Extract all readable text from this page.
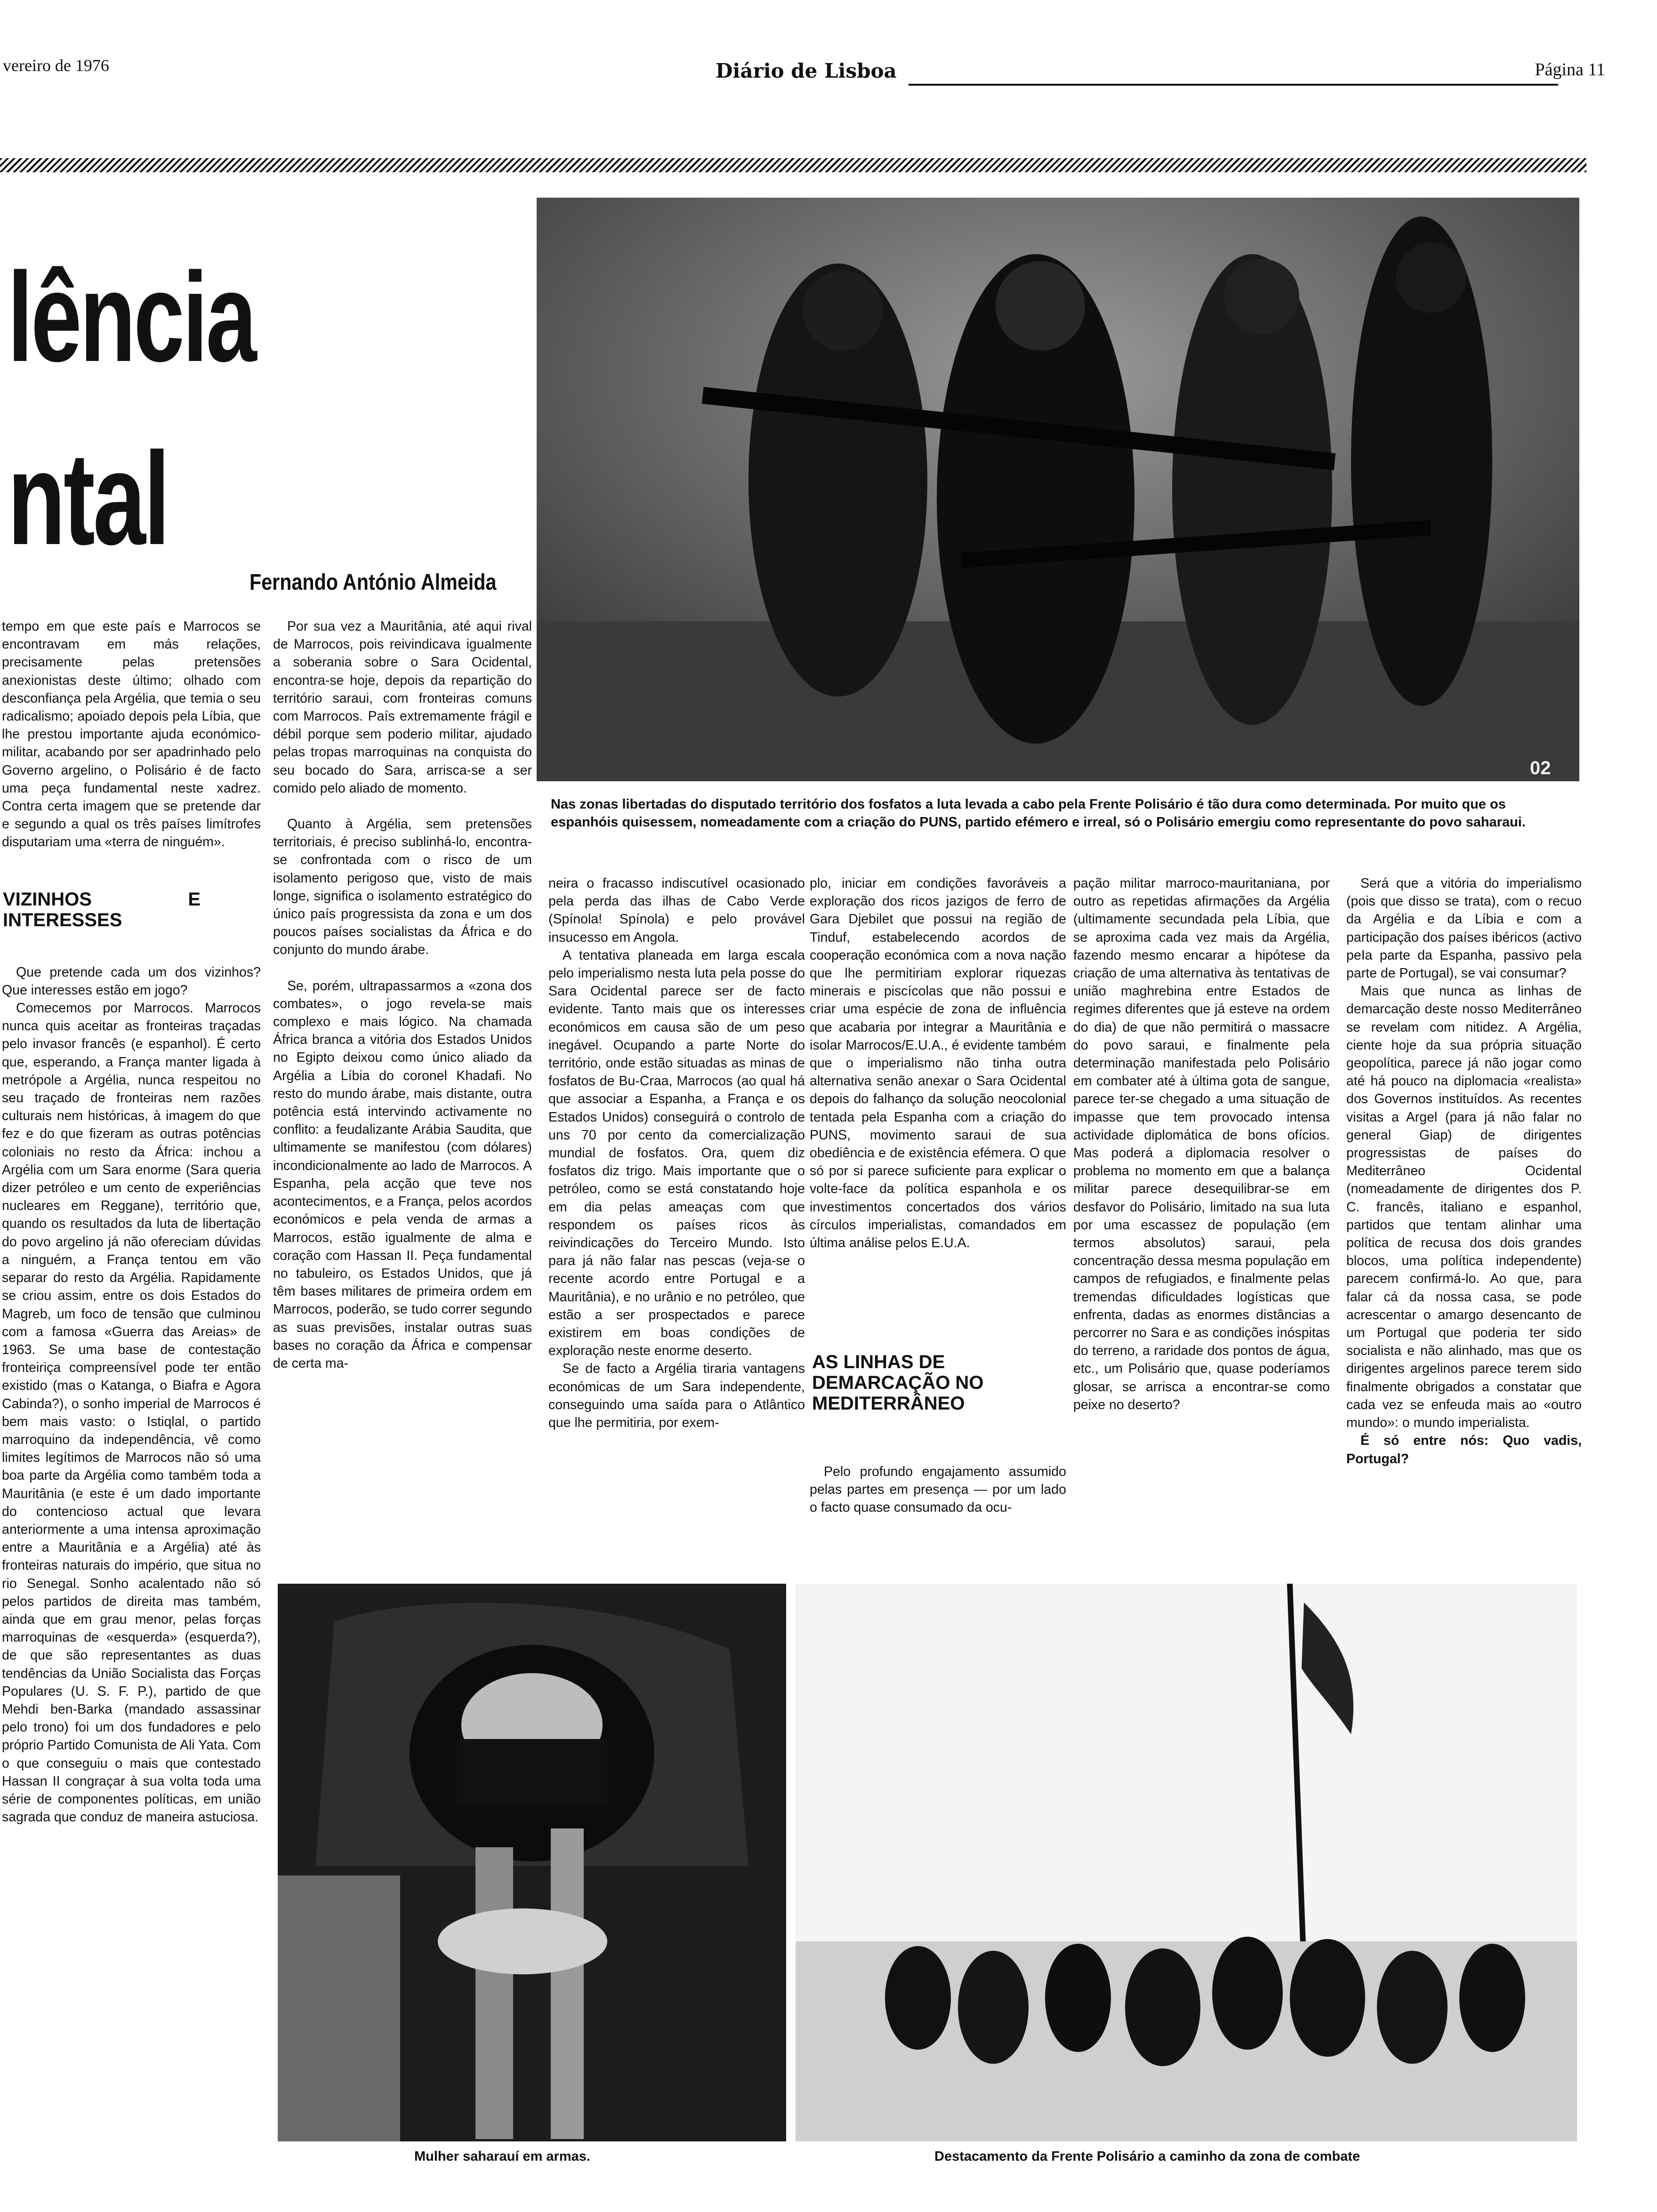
vereiro de 1976	Diário de Lisboa	Página 11
lência
ntal
Fernando António Almeida

tempo em que este país e Marrocos se encontravam em más relações, precisamente pelas pretensões anexionistas deste último; olhado com desconfiança pela Argélia, que temia o seu radicalismo; apoiado depois pela Líbia, que lhe prestou importante ajuda económico-militar, acabando por ser apadrinhado pelo Governo argelino, o Polisário é de facto uma peça fundamental neste xadrez. Contra certa imagem que se pretende dar e segundo a qual os três países limítrofes disputariam uma «terra de ninguém».

VIZINHOS E INTERESSES

Que pretende cada um dos vizinhos? Que interesses estão em jogo?

Comecemos por Marrocos. Marrocos nunca quis aceitar as fronteiras traçadas pelo invasor francês (e espanhol). É certo que, esperando, a França manter ligada à metrópole a Argélia, nunca respeitou no seu traçado de fronteiras nem razões culturais nem históricas, à imagem do que fez e do que fizeram as outras potências coloniais no resto da África: inchou a Argélia com um Sara enorme (Sara queria dizer petróleo e um cento de experiências nucleares em Reggane), território que, quando os resultados da luta de libertação do povo argelino já não ofereciam dúvidas a ninguém, a França tentou em vão separar do resto da Argélia. Rapidamente se criou assim, entre os dois Estados do Magreb, um foco de tensão que culminou com a famosa «Guerra das Areias» de 1963. Se uma base de contestação fronteiriça compreensível pode ter então existido (mas o Katanga, o Biafra e Agora Cabinda?), o sonho imperial de Marrocos é bem mais vasto: o Istiqlal, o partido marroquino da independência, vê como limites legítimos de Marrocos não só uma boa parte da Argélia como também toda a Mauritânia (e este é um dado importante do contencioso actual que levara anteriormente a uma intensa aproximação entre a Mauritânia e a Argélia) até às fronteiras naturais do império, que situa no rio Senegal. Sonho acalentado não só pelos partidos de direita mas também, ainda que em grau menor, pelas forças marroquinas de «esquerda» (esquerda?), de que são representantes as duas tendências da União Socialista das Forças Populares (U. S. F. P.), partido de que Mehdi ben-Barka (mandado assassinar pelo trono) foi um dos fundadores e pelo próprio Partido Comunista de Ali Yata. Com o que conseguiu o mais que contestado Hassan II congraçar à sua volta toda uma série de componentes políticas, em união sagrada que conduz de maneira astuciosa.

Por sua vez a Mauritânia, até aqui rival de Marrocos, pois reivindicava igualmente a soberania sobre o Sara Ocidental, encontra-se hoje, depois da repartição do território saraui, com fronteiras comuns com Marrocos. País extremamente frágil e débil porque sem poderio militar, ajudado pelas tropas marroquinas na conquista do seu bocado do Sara, arrisca-se a ser comido pelo aliado de momento.

Quanto à Argélia, sem pretensões territoriais, é preciso sublinhá-lo, encontra-se confrontada com o risco de um isolamento perigoso que, visto de mais longe, significa o isolamento estratégico do único país progressista da zona e um dos poucos países socialistas da África e do conjunto do mundo árabe.

Se, porém, ultrapassarmos a «zona dos combates», o jogo revela-se mais complexo e mais lógico. Na chamada África branca a vitória dos Estados Unidos no Egipto deixou como único aliado da Argélia a Líbia do coronel Khadafi. No resto do mundo árabe, mais distante, outra potência está intervindo activamente no conflito: a feudalizante Arábia Saudita, que ultimamente se manifestou (com dólares) incondicionalmente ao lado de Marrocos. A Espanha, pela acção que teve nos acontecimentos, e a França, pelos acordos económicos e pela venda de armas a Marrocos, estão igualmente de alma e coração com Hassan II. Peça fundamental no tabuleiro, os Estados Unidos, que já têm bases militares de primeira ordem em Marrocos, poderão, se tudo correr segundo as suas previsões, instalar outras suas bases no coração da África e compensar de certa ma-

neira o fracasso indiscutível ocasionado pela perda das ilhas de Cabo Verde (Spínola! Spínola) e pelo provável insucesso em Angola.

A tentativa planeada em larga escala pelo imperialismo nesta luta pela posse do Sara Ocidental parece ser de facto evidente. Tanto mais que os interesses económicos em causa são de um peso inegável. Ocupando a parte Norte do território, onde estão situadas as minas de fosfatos de Bu-Craa, Marrocos (ao qual há que associar a Espanha, a França e os Estados Unidos) conseguirá o controlo de uns 70 por cento da comercialização mundial de fosfatos. Ora, quem diz fosfatos diz trigo. Mais importante que o petróleo, como se está constatando hoje em dia pelas ameaças com que respondem os países ricos às reivindicações do Terceiro Mundo. Isto para já não falar nas pescas (veja-se o recente acordo entre Portugal e a Mauritânia), e no urânio e no petróleo, que estão a ser prospectados e parece existirem em boas condições de exploração neste enorme deserto.

Se de facto a Argélia tiraria vantagens económicas de um Sara independente, conseguindo uma saída para o Atlântico que lhe permitiria, por exem-

plo, iniciar em condições favoráveis a exploração dos ricos jazigos de ferro de Gara Djebilet que possui na região de Tinduf, estabelecendo acordos de cooperação económica com a nova nação que lhe permitiriam explorar riquezas minerais e piscícolas que não possui e criar uma espécie de zona de influência que acabaria por integrar a Mauritânia e isolar Marrocos/E.U.A., é evidente também que o imperialismo não tinha outra alternativa senão anexar o Sara Ocidental depois do falhanço da solução neocolonial tentada pela Espanha com a criação do PUNS, movimento saraui de sua obediência e de existência efémera. O que só por si parece suficiente para explicar o volte-face da política espanhola e os investimentos concertados dos vários círculos imperialistas, comandados em última análise pelos E.U.A.

AS LINHAS DE DEMARCAÇÃO NO MEDITERRÂNEO

Pelo profundo engajamento assumido pelas partes em presença — por um lado o facto quase consumado da ocu-

pação militar marroco-mauritaniana, por outro as repetidas afirmações da Argélia (ultimamente secundada pela Líbia, que se aproxima cada vez mais da Argélia, fazendo mesmo encarar a hipótese da criação de uma alternativa às tentativas de união maghrebina entre Estados de regimes diferentes que já esteve na ordem do dia) de que não permitirá o massacre do povo saraui, e finalmente pela determinação manifestada pelo Polisário em combater até à última gota de sangue, parece ter-se chegado a uma situação de impasse que tem provocado intensa actividade diplomática de bons ofícios. Mas poderá a diplomacia resolver o problema no momento em que a balança militar parece desequilibrar-se em desfavor do Polisário, limitado na sua luta por uma escassez de população (em termos absolutos) saraui, pela concentração dessa mesma população em campos de refugiados, e finalmente pelas tremendas dificuldades logísticas que enfrenta, dadas as enormes distâncias a percorrer no Sara e as condições inóspitas do terreno, a raridade dos pontos de água, etc., um Polisário que, quase poderíamos glosar, se arrisca a encontrar-se como peixe no deserto?

Será que a vitória do imperialismo (pois que disso se trata), com o recuo da Argélia e da Líbia e com a participação dos países ibéricos (activo peIa parte da Espanha, passivo pela parte de Portugal), se vai consumar?

Mais que nunca as linhas de demarcação deste nosso Mediterrâneo se revelam com nitidez. A Argélia, ciente hoje da sua própria situação geopolítica, parece já não jogar como até há pouco na diplomacia «realista» dos Governos instituídos. As recentes visitas a Argel (para já não falar no general Giap) de dirigentes progressistas de países do Mediterrâneo Ocidental (nomeadamente de dirigentes dos P. C. francês, italiano e espanhol, partidos que tentam alinhar uma política de recusa dos dois grandes blocos, uma política independente) parecem confirmá-lo. Ao que, para falar cá da nossa casa, se pode acrescentar o amargo desencanto de um Portugal que poderia ter sido socialista e não alinhado, mas que os dirigentes argelinos parece terem sido finalmente obrigados a constatar que cada vez se enfeuda mais ao «outro mundo»: o mundo imperialista.

É só entre nós: Quo vadis, Portugal?

02
Nas zonas libertadas do disputado território dos fosfatos a luta levada a cabo pela Frente Polisário é tão dura como determinada. Por muito que os espanhóis quisessem, nomeadamente com a criação do PUNS, partido efémero e irreal, só o Polisário emergiu como representante do povo saharaui.
Mulher saharauí em armas.	Destacamento da Frente Polisário a caminho da zona de combate
